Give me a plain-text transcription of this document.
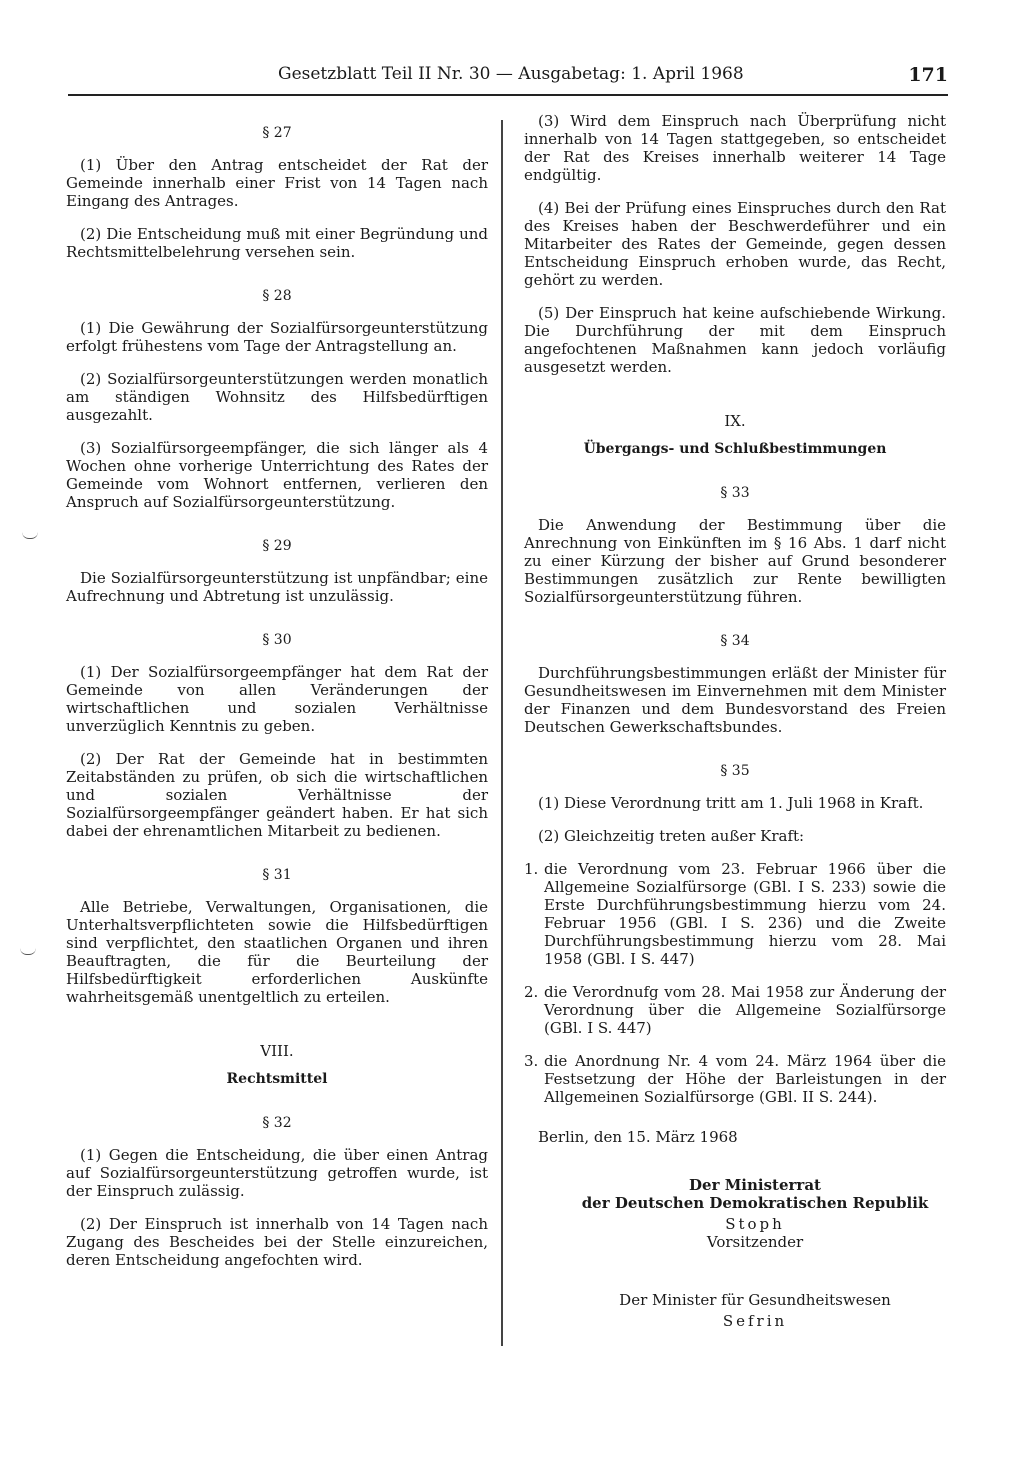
Gesetzblatt Teil II Nr. 30 — Ausgabetag: 1. April 1968	171
§ 27

(1) Über den Antrag entscheidet der Rat der Gemeinde innerhalb einer Frist von 14 Tagen nach Eingang des Antrages.

(2) Die Entscheidung muß mit einer Begründung und Rechtsmittelbelehrung versehen sein.

§ 28

(1) Die Gewährung der Sozialfürsorgeunterstützung erfolgt frühestens vom Tage der Antragstellung an.

(2) Sozialfürsorgeunterstützungen werden monatlich am ständigen Wohnsitz des Hilfsbedürftigen ausgezahlt.

(3) Sozialfürsorgeempfänger, die sich länger als 4 Wochen ohne vorherige Unterrichtung des Rates der Gemeinde vom Wohnort entfernen, verlieren den Anspruch auf Sozialfürsorgeunterstützung.

§ 29

Die Sozialfürsorgeunterstützung ist unpfändbar; eine Aufrechnung und Abtretung ist unzulässig.

§ 30

(1) Der Sozialfürsorgeempfänger hat dem Rat der Gemeinde von allen Veränderungen der wirtschaftlichen und sozialen Verhältnisse unverzüglich Kenntnis zu geben.

(2) Der Rat der Gemeinde hat in bestimmten Zeitabständen zu prüfen, ob sich die wirtschaftlichen und sozialen Verhältnisse der Sozialfürsorgeempfänger geändert haben. Er hat sich dabei der ehrenamtlichen Mitarbeit zu bedienen.

§ 31

Alle Betriebe, Verwaltungen, Organisationen, die Unterhaltsverpflichteten sowie die Hilfsbedürftigen sind verpflichtet, den staatlichen Organen und ihren Beauftragten, die für die Beurteilung der Hilfsbedürftigkeit erforderlichen Auskünfte wahrheitsgemäß unentgeltlich zu erteilen.

VIII.
Rechtsmittel
§ 32

(1) Gegen die Entscheidung, die über einen Antrag auf Sozialfürsorgeunterstützung getroffen wurde, ist der Einspruch zulässig.

(2) Der Einspruch ist innerhalb von 14 Tagen nach Zugang des Bescheides bei der Stelle einzureichen, deren Entscheidung angefochten wird.

(3) Wird dem Einspruch nach Überprüfung nicht innerhalb von 14 Tagen stattgegeben, so entscheidet der Rat des Kreises innerhalb weiterer 14 Tage endgültig.

(4) Bei der Prüfung eines Einspruches durch den Rat des Kreises haben der Beschwerdeführer und ein Mitarbeiter des Rates der Gemeinde, gegen dessen Entscheidung Einspruch erhoben wurde, das Recht, gehört zu werden.

(5) Der Einspruch hat keine aufschiebende Wirkung. Die Durchführung der mit dem Einspruch angefochtenen Maßnahmen kann jedoch vorläufig ausgesetzt werden.

IX.
Übergangs- und Schlußbestimmungen
§ 33

Die Anwendung der Bestimmung über die Anrechnung von Einkünften im § 16 Abs. 1 darf nicht zu einer Kürzung der bisher auf Grund besonderer Bestimmungen zusätzlich zur Rente bewilligten Sozialfürsorgeunterstützung führen.

§ 34

Durchführungsbestimmungen erläßt der Minister für Gesundheitswesen im Einvernehmen mit dem Minister der Finanzen und dem Bundesvorstand des Freien Deutschen Gewerkschaftsbundes.

§ 35

(1) Diese Verordnung tritt am 1. Juli 1968 in Kraft.

(2) Gleichzeitig treten außer Kraft:

1. die Verordnung vom 23. Februar 1966 über die Allgemeine Sozialfürsorge (GBl. I S. 233) sowie die Erste Durchführungsbestimmung hierzu vom 24. Februar 1956 (GBl. I S. 236) und die Zweite Durchführungsbestimmung hierzu vom 28. Mai 1958 (GBl. I S. 447)
2. die Verordnufg vom 28. Mai 1958 zur Änderung der Verordnung über die Allgemeine Sozialfürsorge (GBl. I S. 447)
3. die Anordnung Nr. 4 vom 24. März 1964 über die Festsetzung der Höhe der Barleistungen in der Allgemeinen Sozialfürsorge (GBl. II S. 244).

Berlin, den 15. März 1968

Der Ministerrat
der Deutschen Demokratischen Republik
Stoph
Vorsitzender
Der Minister für Gesundheitswesen
Sefrin
